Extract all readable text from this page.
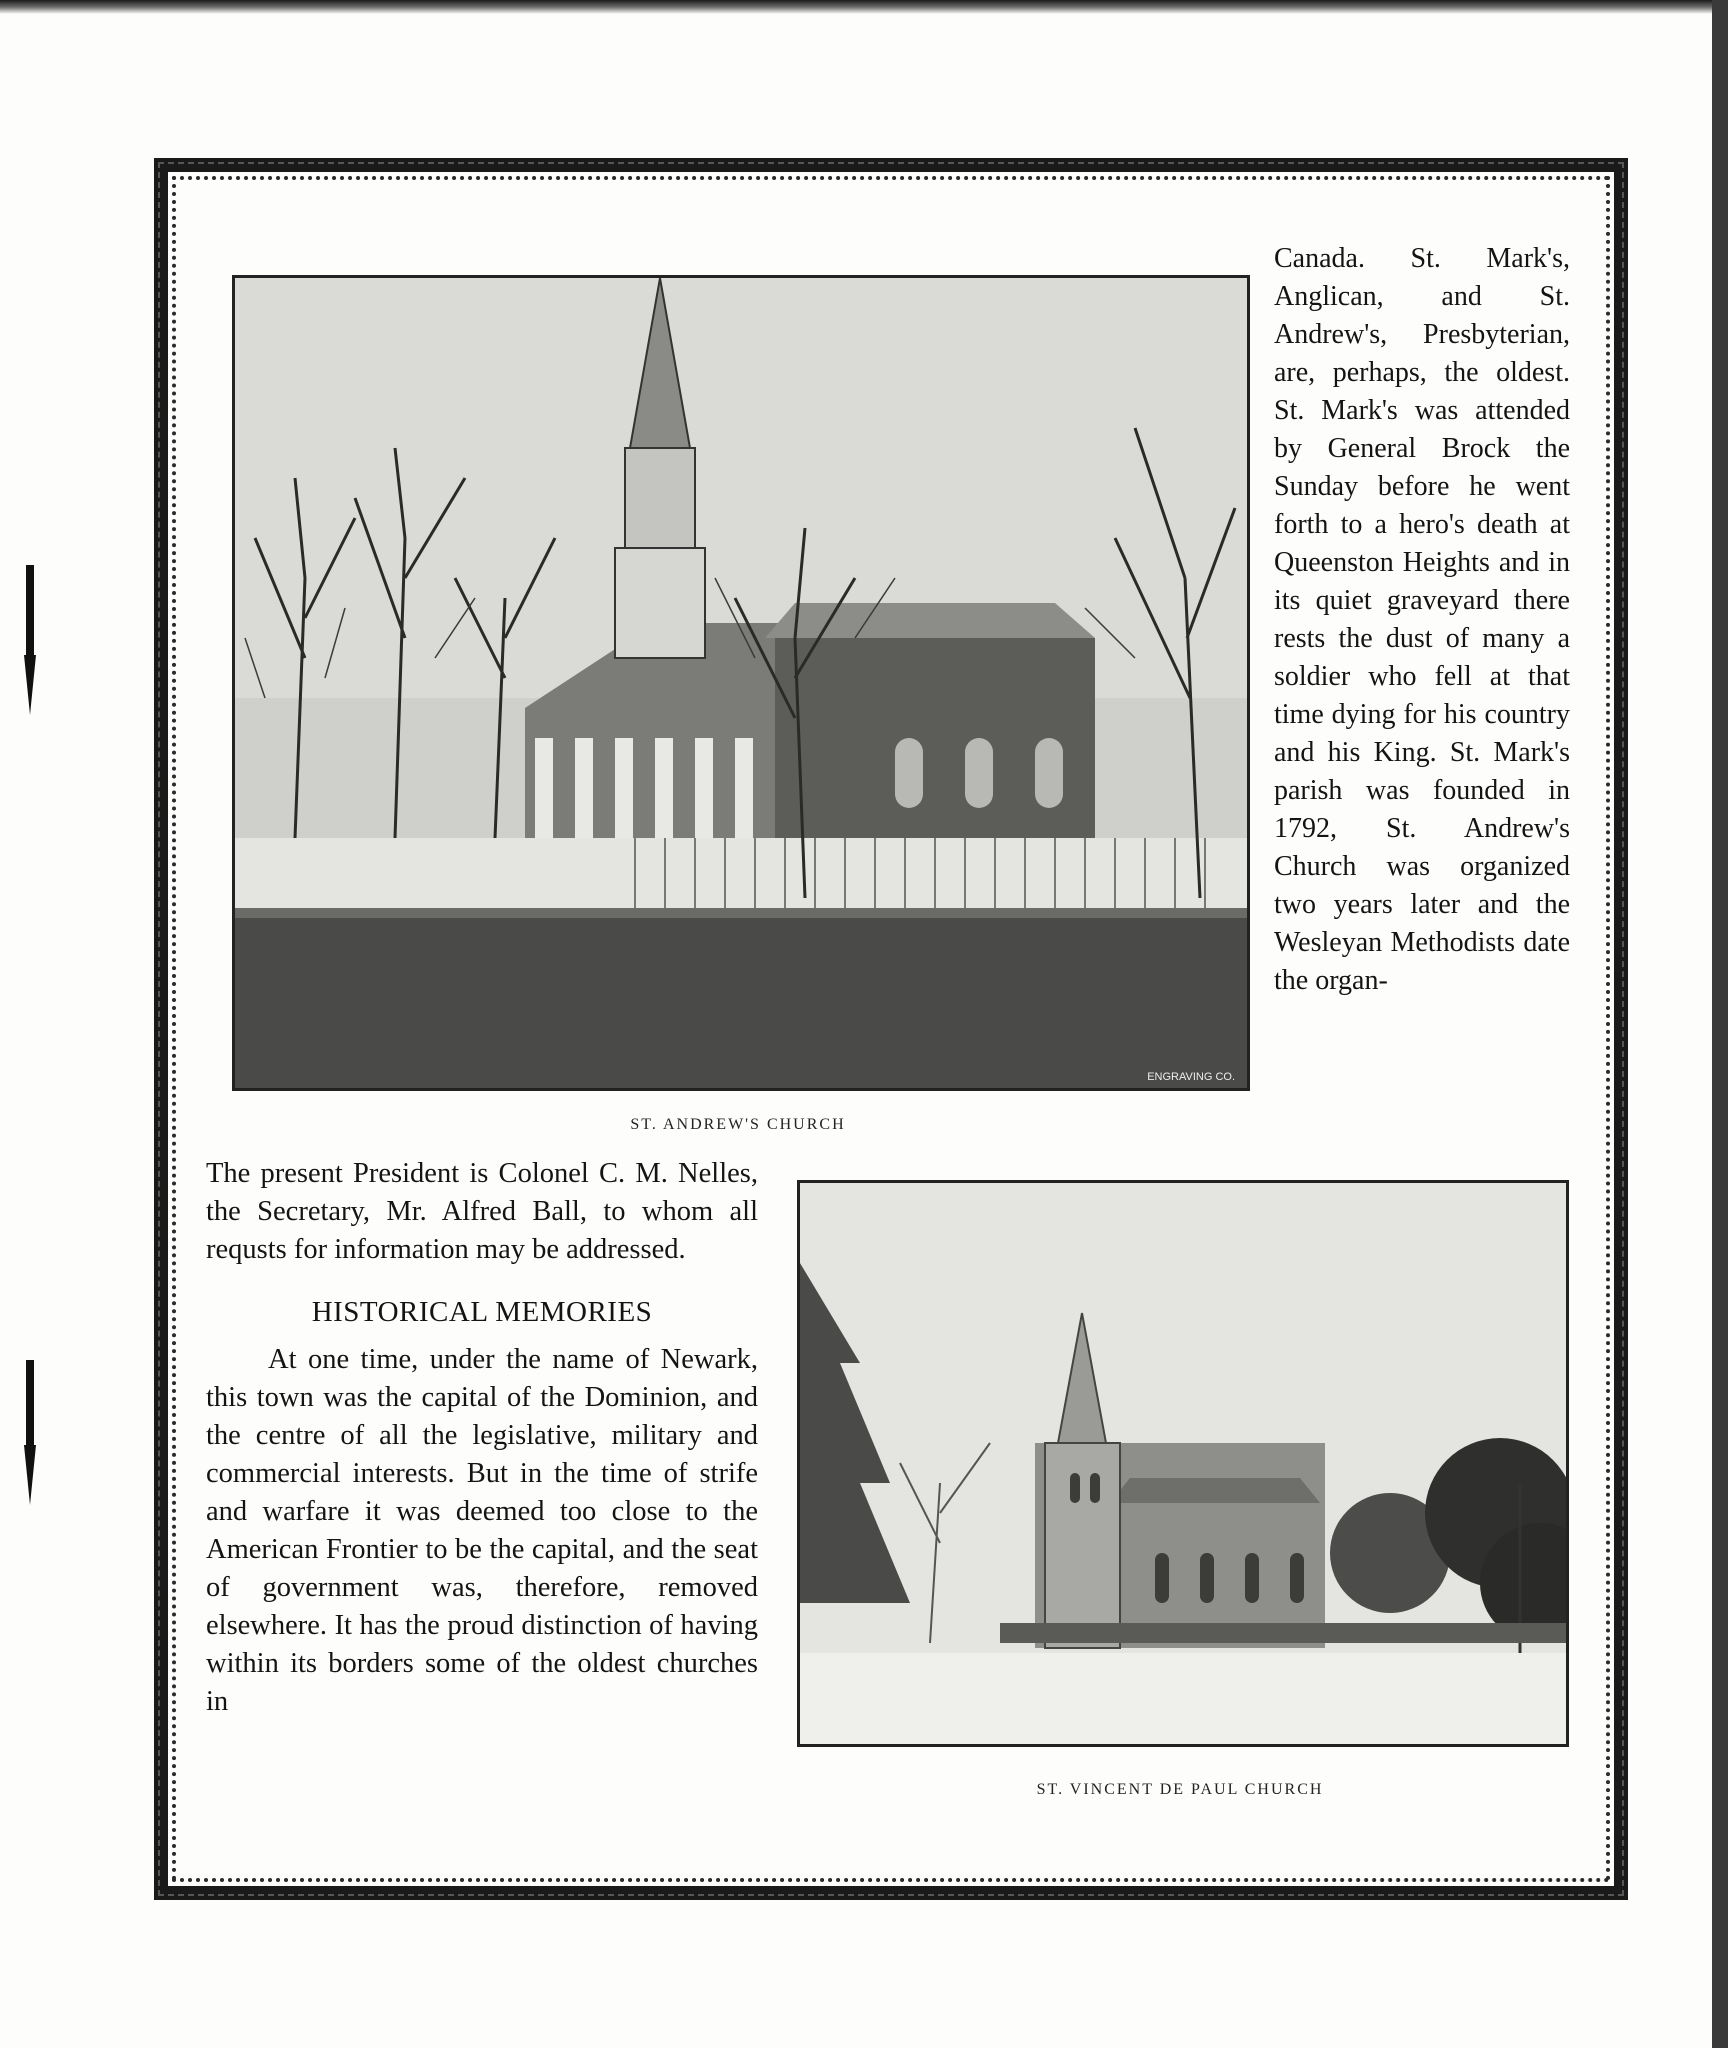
ENGRAVING CO.
ST. ANDREW'S CHURCH

Canada. St. Mark's, Anglican, and St. Andrew's, Presbyterian, are, perhaps, the oldest. St. Mark's was attended by General Brock the Sunday before he went forth to a hero's death at Queenston Heights and in its quiet graveyard there rests the dust of many a soldier who fell at that time dying for his country and his King. St. Mark's parish was founded in 1792, St. Andrew's Church was organized two years later and the Wesleyan Methodists date the organ-

The present President is Colonel C. M. Nelles, the Secretary, Mr. Alfred Ball, to whom all requsts for information may be addressed.

HISTORICAL MEMORIES

At one time, under the name of Newark, this town was the capital of the Dominion, and the centre of all the legislative, military and commercial interests. But in the time of strife and warfare it was deemed too close to the American Frontier to be the capital, and the seat of government was, therefore, removed elsewhere. It has the proud distinction of having within its borders some of the oldest churches in

ST. VINCENT DE PAUL CHURCH
